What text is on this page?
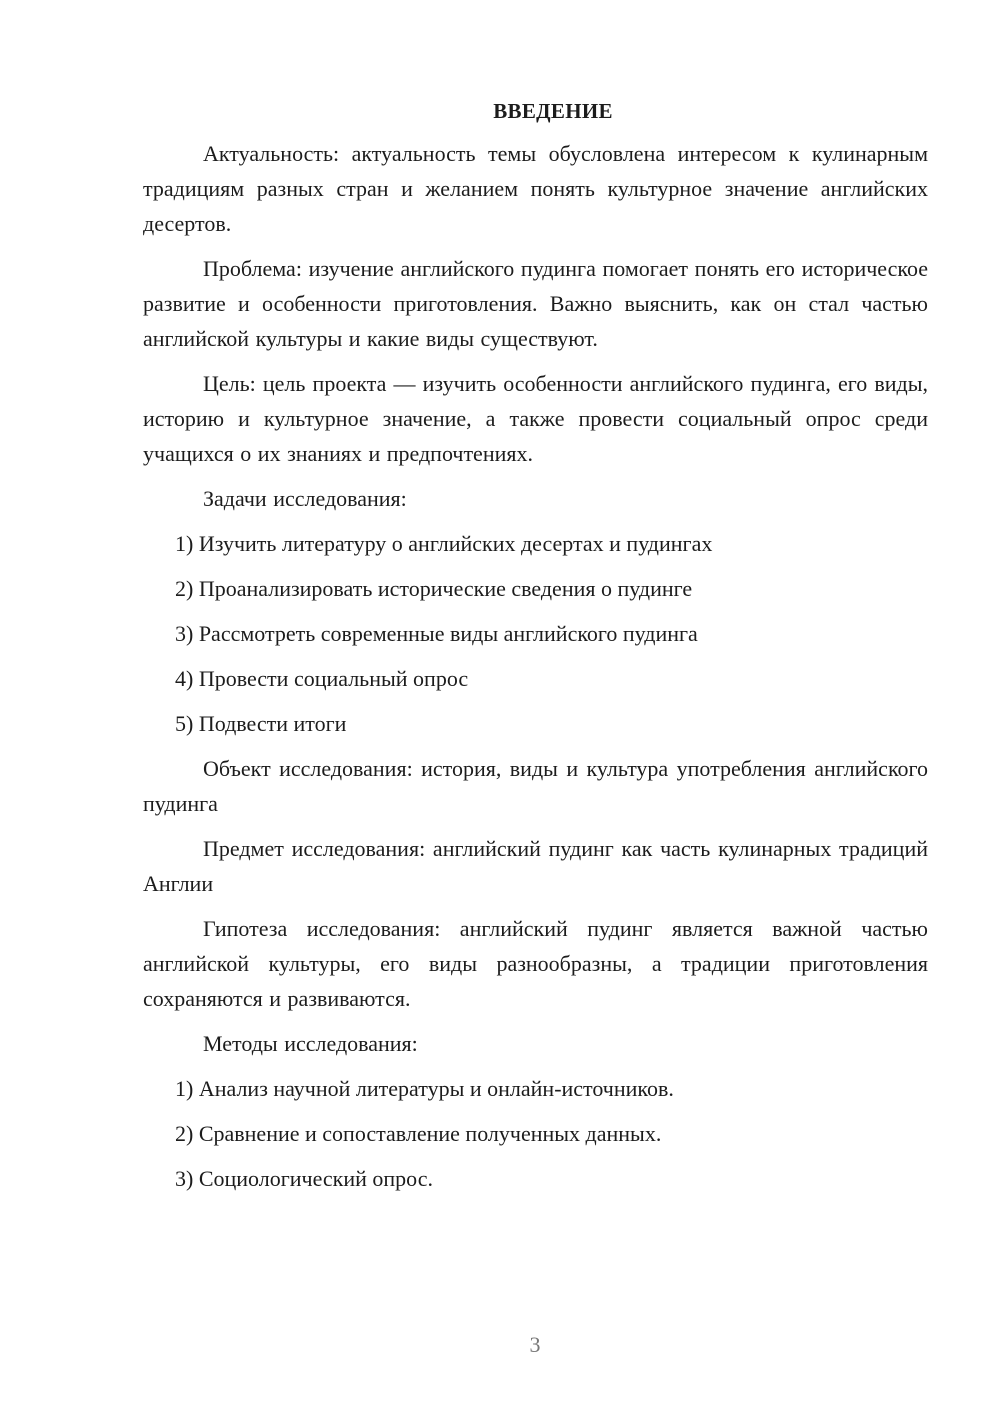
ВВЕДЕНИЕ

Актуальность: актуальность темы обусловлена интересом к кулинарным традициям разных стран и желанием понять культурное значение английских десертов.

Проблема: изучение английского пудинга помогает понять его историческое развитие и особенности приготовления. Важно выяснить, как он стал частью английской культуры и какие виды существуют.

Цель: цель проекта — изучить особенности английского пудинга, его виды, историю и культурное значение, а также провести социальный опрос среди учащихся о их знаниях и предпочтениях.

Задачи исследования:

1) Изучить литературу о английских десертах и пудингах
2) Проанализировать исторические сведения о пудинге
3) Рассмотреть современные виды английского пудинга
4) Провести социальный опрос
5) Подвести итоги

Объект исследования: история, виды и культура употребления английского пудинга

Предмет исследования: английский пудинг как часть кулинарных традиций Англии

Гипотеза исследования: английский пудинг является важной частью английской культуры, его виды разнообразны, а традиции приготовления сохраняются и развиваются.

Методы исследования:

1) Анализ научной литературы и онлайн-источников.
2) Сравнение и сопоставление полученных данных.
3) Социологический опрос.
3
